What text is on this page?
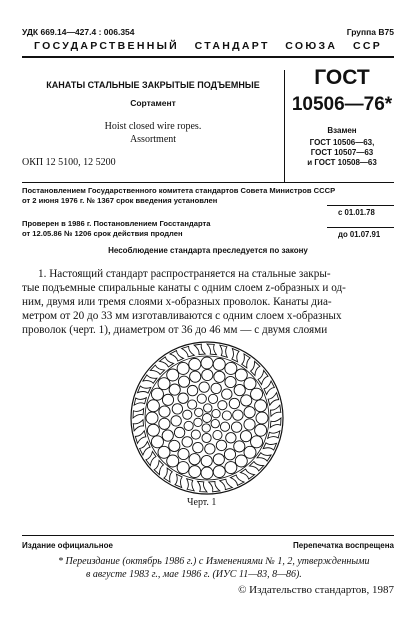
УДК 669.14—427.4 : 006.354	Группа В75
ГОСУДАРСТВЕННЫЙ   СТАНДАРТ   СОЮЗА   ССР
КАНАТЫ СТАЛЬНЫЕ ЗАКРЫТЫЕ ПОДЪЕМНЫЕ
Сортамент
Hoist closed wire ropes.
Assortment
ОКП 12 5100, 12 5200
ГОСТ
10506—76*
Взамен
ГОСТ 10506—63,
ГОСТ 10507—63
и ГОСТ 10508—63
Постановлением Государственного комитета стандартов Совета Министров СССР
от 2 июня 1976 г. № 1367 срок введения установлен
с 01.01.78
Проверен в 1986 г. Постановлением Госстандарта
от 12.05.86 № 1206 срок действия продлен	до 01.07.91
Несоблюдение стандарта преследуется по закону
1. Настоящий стандарт распространяется на стальные закры-
тые подъемные спиральные канаты с одним слоем z-образных и од-
ним, двумя или тремя слоями x-образных проволок. Канаты диа-
метром от 20 до 33 мм изготавливаются с одним слоем x-образных
проволок (черт. 1), диаметром от 36 до 46 мм — с двумя слоями
Черт. 1
Издание официальное	Перепечатка воспрещена
* Переиздание (октябрь 1986 г.) с Изменениями № 1, 2, утвержденными
в августе 1983 г., мае 1986 г. (ИУС 11—83, 8—86).
© Издательство стандартов, 1987
